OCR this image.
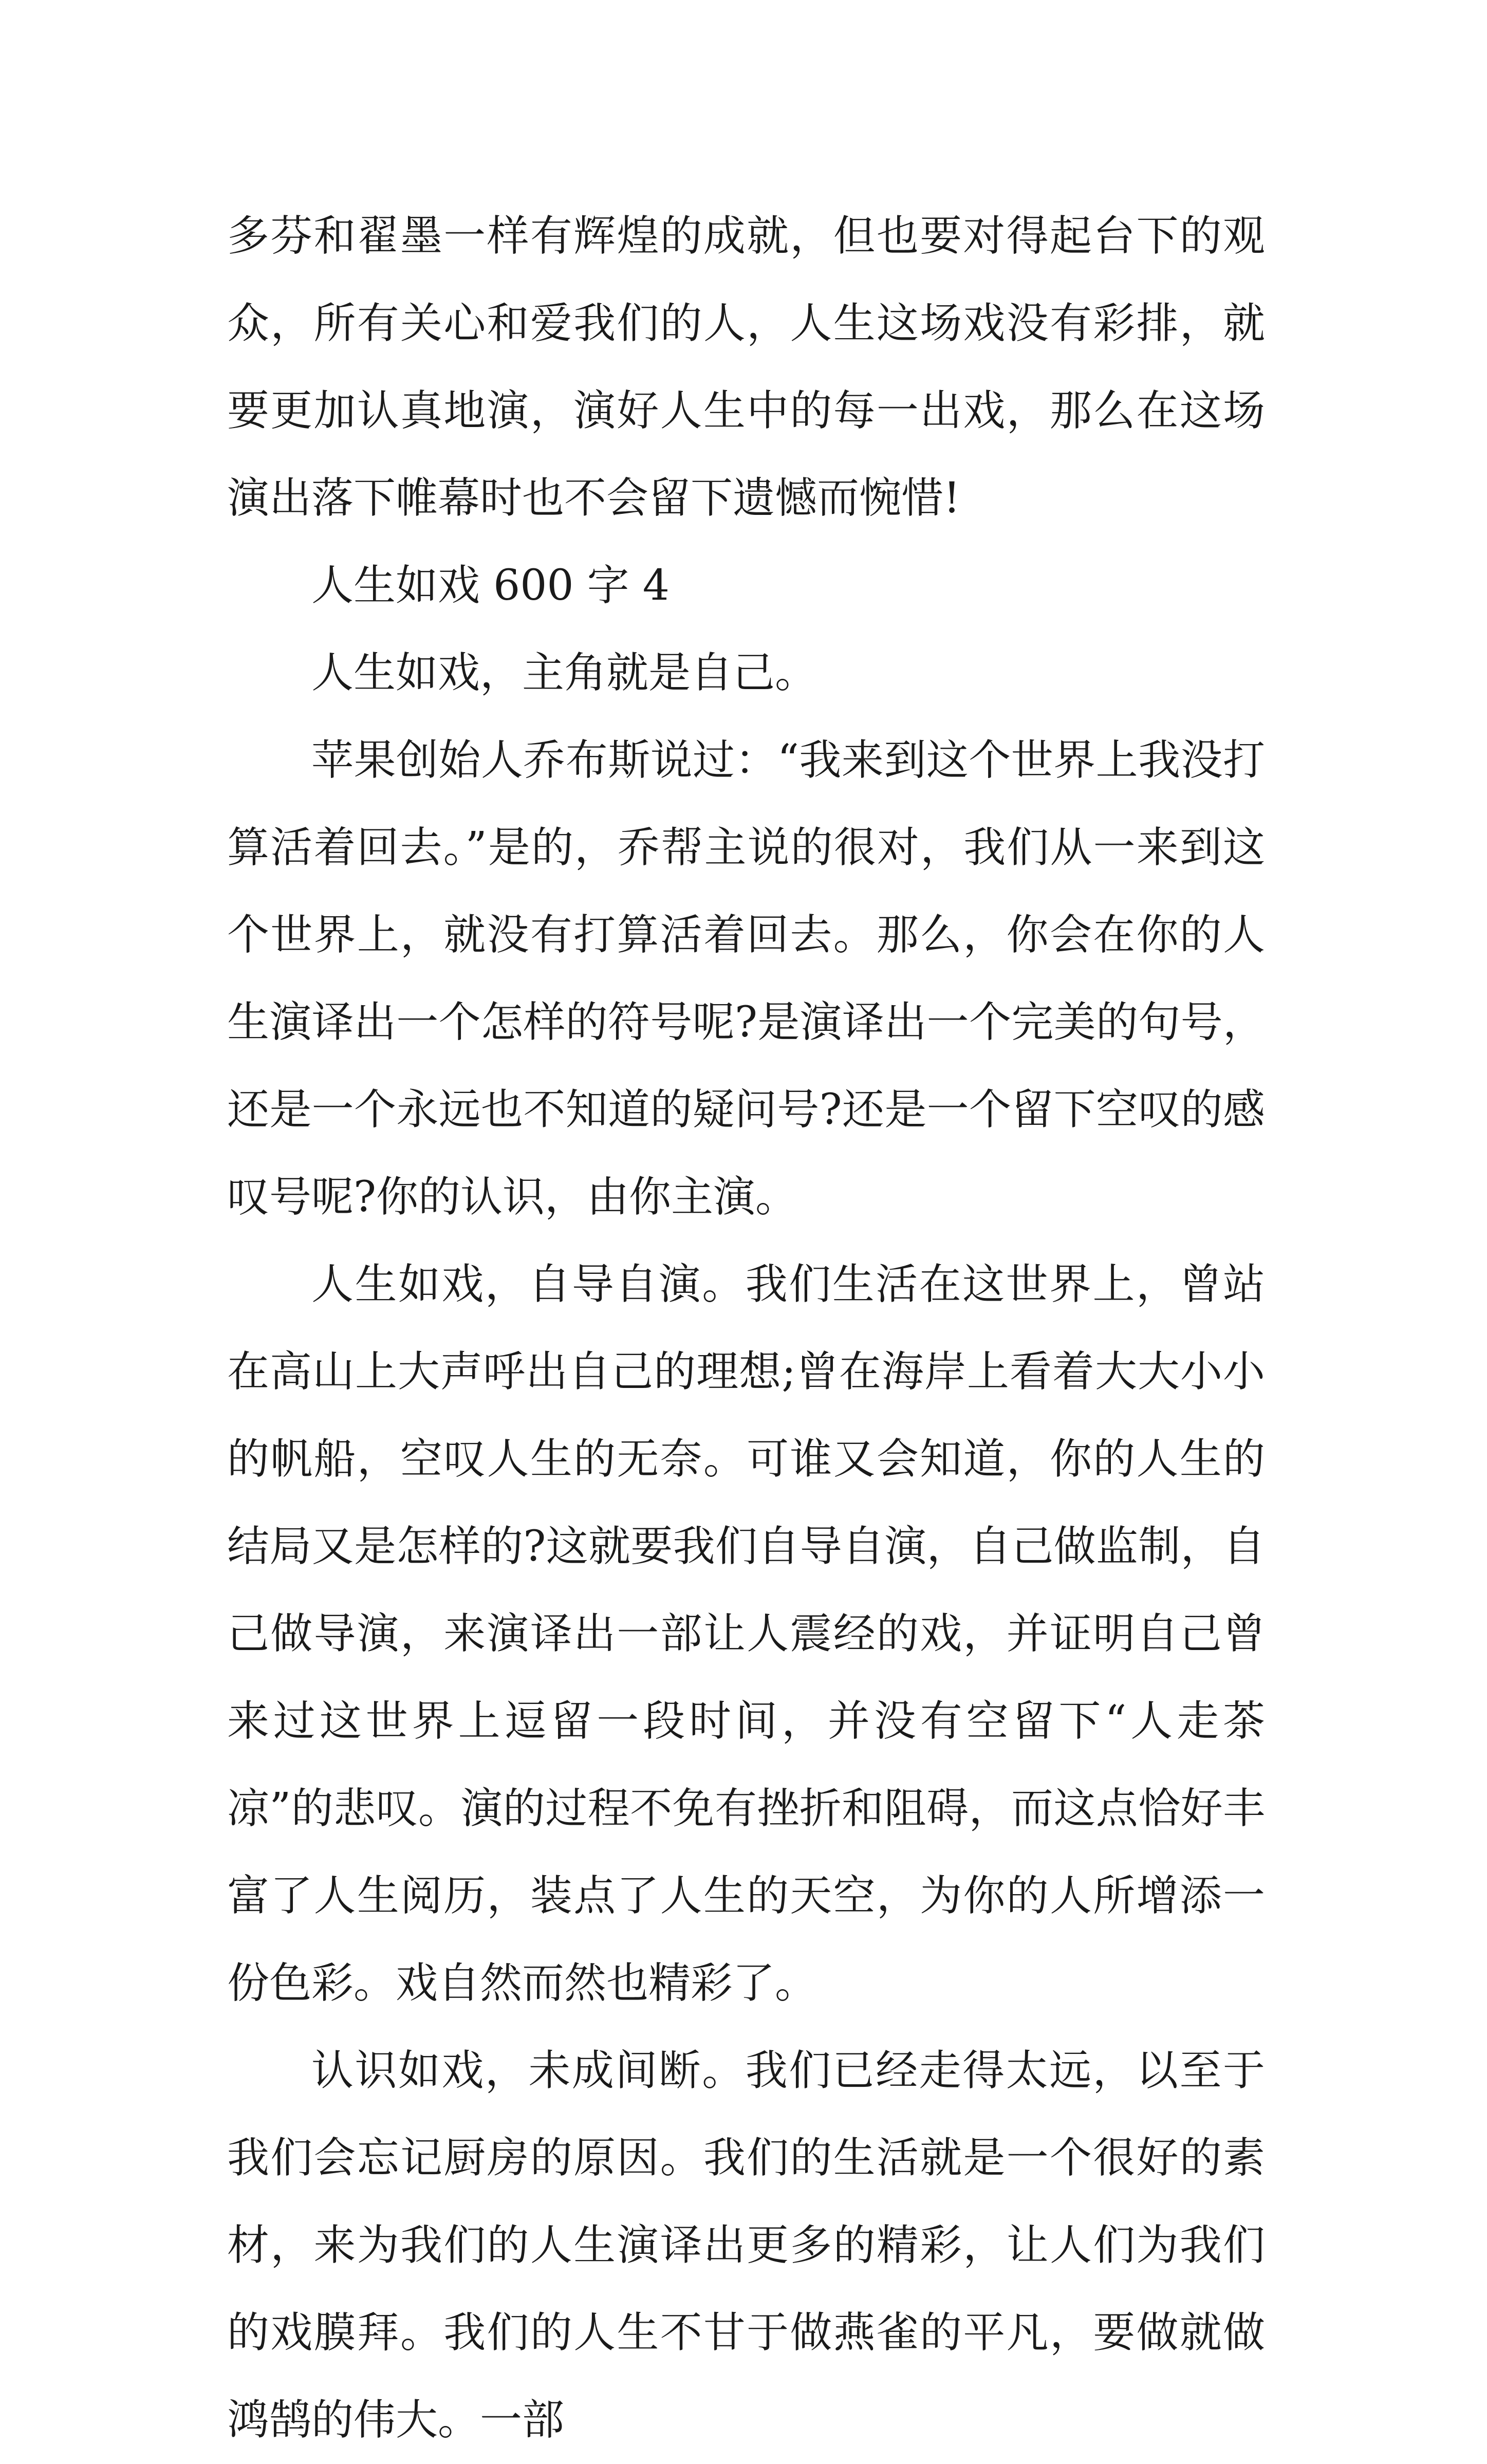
多芬和翟墨一样有辉煌的成就，但也要对得起台下的观众，所有关心和爱我们的人，人生这场戏没有彩排，就要更加认真地演，演好人生中的每一出戏，那么在这场演出落下帷幕时也不会留下遗憾而惋惜!

人生如戏 600 字 4

人生如戏，主角就是自己。

苹果创始人乔布斯说过：“我来到这个世界上我没打算活着回去。”是的，乔帮主说的很对，我们从一来到这个世界上，就没有打算活着回去。那么，你会在你的人生演译出一个怎样的符号呢?是演译出一个完美的句号，还是一个永远也不知道的疑问号?还是一个留下空叹的感叹号呢?你的认识，由你主演。

人生如戏，自导自演。我们生活在这世界上，曾站在高山上大声呼出自己的理想;曾在海岸上看着大大小小的帆船，空叹人生的无奈。可谁又会知道，你的人生的结局又是怎样的?这就要我们自导自演，自己做监制，自己做导演，来演译出一部让人震经的戏，并证明自己曾来过这世界上逗留一段时间，并没有空留下“人走茶凉”的悲叹。演的过程不免有挫折和阻碍，而这点恰好丰富了人生阅历，装点了人生的天空，为你的人所增添一份色彩。戏自然而然也精彩了。

认识如戏，未成间断。我们已经走得太远，以至于我们会忘记厨房的原因。我们的生活就是一个很好的素材，来为我们的人生演译出更多的精彩，让人们为我们的戏膜拜。我们的人生不甘于做燕雀的平凡，要做就做鸿鹄的伟大。一部
